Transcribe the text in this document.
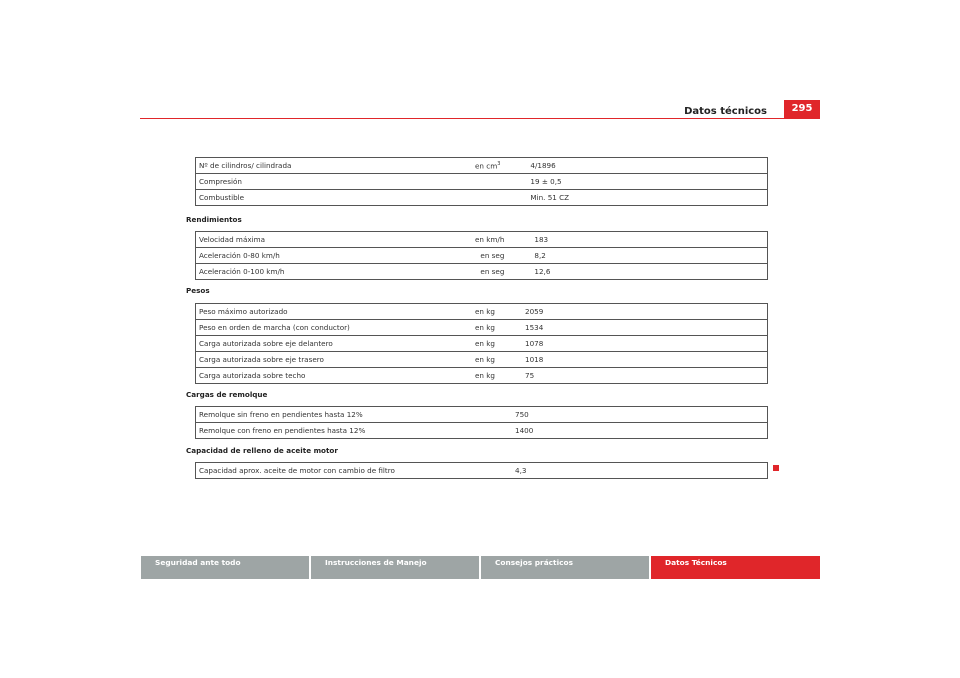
Datos técnicos	295
Nº de cilindros/ cilindrada	en $cm^3$	4/1896
Compresión		19 ± 0,5
Combustible		Min. 51 CZ
Rendimientos
Velocidad máxima	en km/h	183
Aceleración 0-80 km/h	en seg	8,2
Aceleración 0-100 km/h	en seg	12,6
Pesos
Peso máximo autorizado	en kg	2059
Peso en orden de marcha (con conductor)	en kg	1534
Carga autorizada sobre eje delantero	en kg	1078
Carga autorizada sobre eje trasero	en kg	1018
Carga autorizada sobre techo	en kg	75
Cargas de remolque
Remolque sin freno en pendientes hasta 12%		750
Remolque con freno en pendientes hasta 12%		1400
Capacidad de relleno de aceite motor
Capacidad aprox. aceite de motor con cambio de filtro		4,3
Seguridad ante todo	Instrucciones de Manejo	Consejos prácticos	Datos Técnicos
